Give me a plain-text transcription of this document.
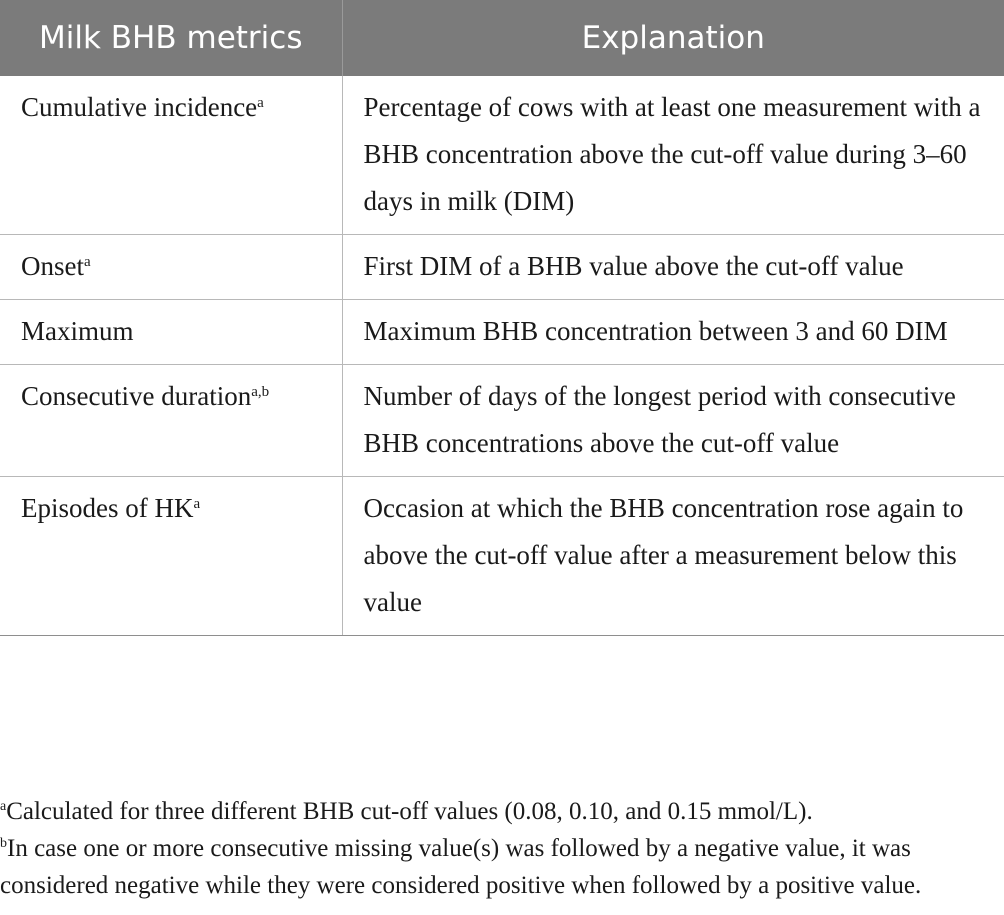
Milk BHB metrics	Explanation
Cumulative incidence$^a$	Percentage of cows with at least one measurement with a BHB concentration above the cut-off value during 3–60 days in milk (DIM)
Onset$^a$	First DIM of a BHB value above the cut-off value
Maximum	Maximum BHB concentration between 3 and 60 DIM
Consecutive duration$^{a,b}$	Number of days of the longest period with consecutive BHB concentrations above the cut-off value
Episodes of $HK^a$	Occasion at which the BHB concentration rose again to above the cut-off value after a measurement below this value

$^a$Calculated for three different BHB cut-off values (0.08, 0.10, and 0.15 mmol/L).

$^b$In case one or more consecutive missing value(s) was followed by a negative value, it was

considered negative while they were considered positive when followed by a positive value.
